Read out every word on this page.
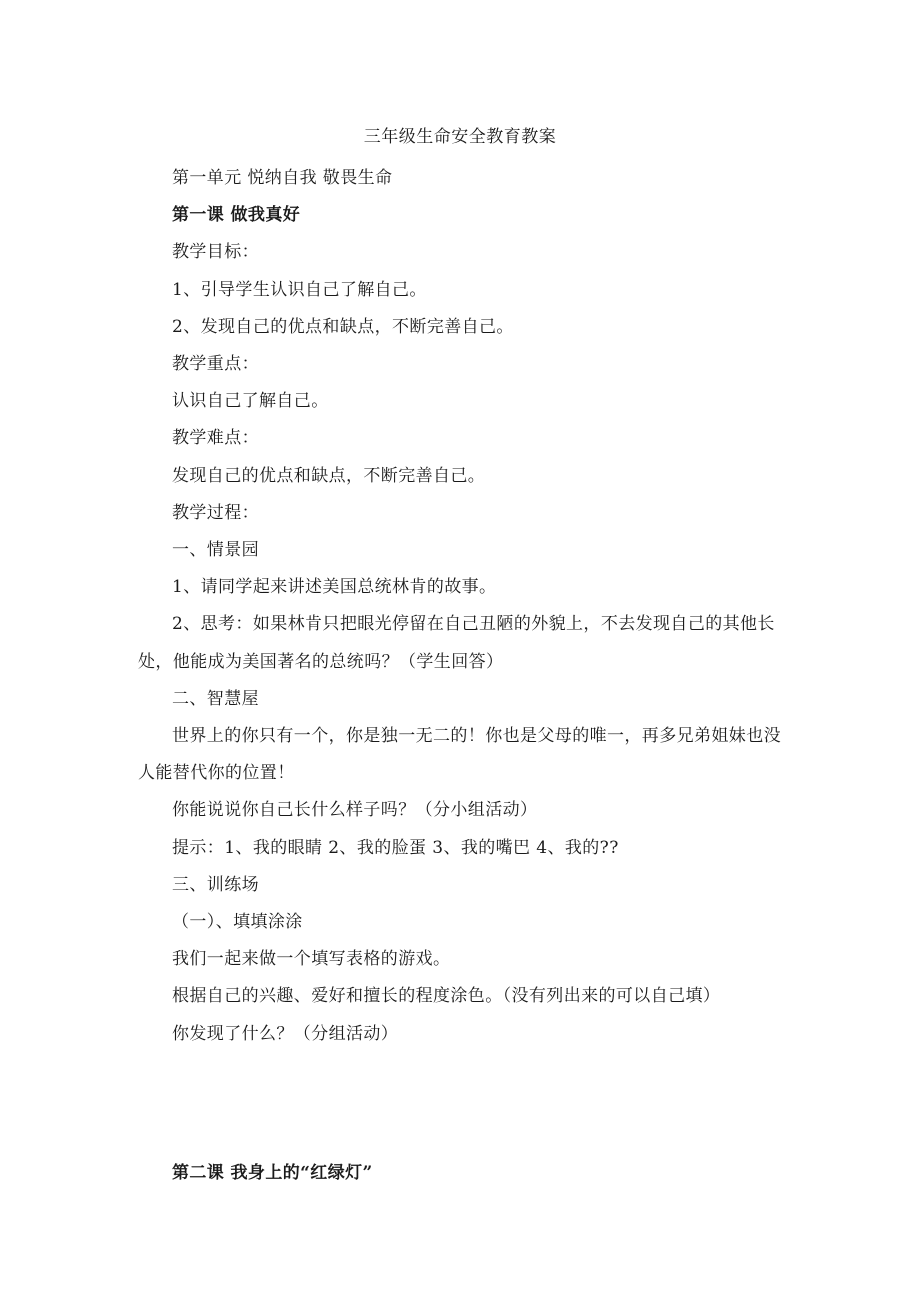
三年级生命安全教育教案

第一单元 悦纳自我 敬畏生命

第一课 做我真好

教学目标：

1、引导学生认识自己了解自己。

2、发现自己的优点和缺点，不断完善自己。

教学重点：

认识自己了解自己。

教学难点：

发现自己的优点和缺点，不断完善自己。

教学过程：

一、情景园

1、请同学起来讲述美国总统林肯的故事。

2、思考：如果林肯只把眼光停留在自己丑陋的外貌上，不去发现自己的其他长处，他能成为美国著名的总统吗？（学生回答）

二、智慧屋

世界上的你只有一个，你是独一无二的！你也是父母的唯一，再多兄弟姐妹也没人能替代你的位置！

你能说说你自己长什么样子吗？（分小组活动）

提示：1、我的眼睛 2、我的脸蛋 3、我的嘴巴 4、我的??

三、训练场

（一）、填填涂涂

我们一起来做一个填写表格的游戏。

根据自己的兴趣、爱好和擅长的程度涂色。（没有列出来的可以自己填）

你发现了什么？（分组活动）

第二课 我身上的“红绿灯”
